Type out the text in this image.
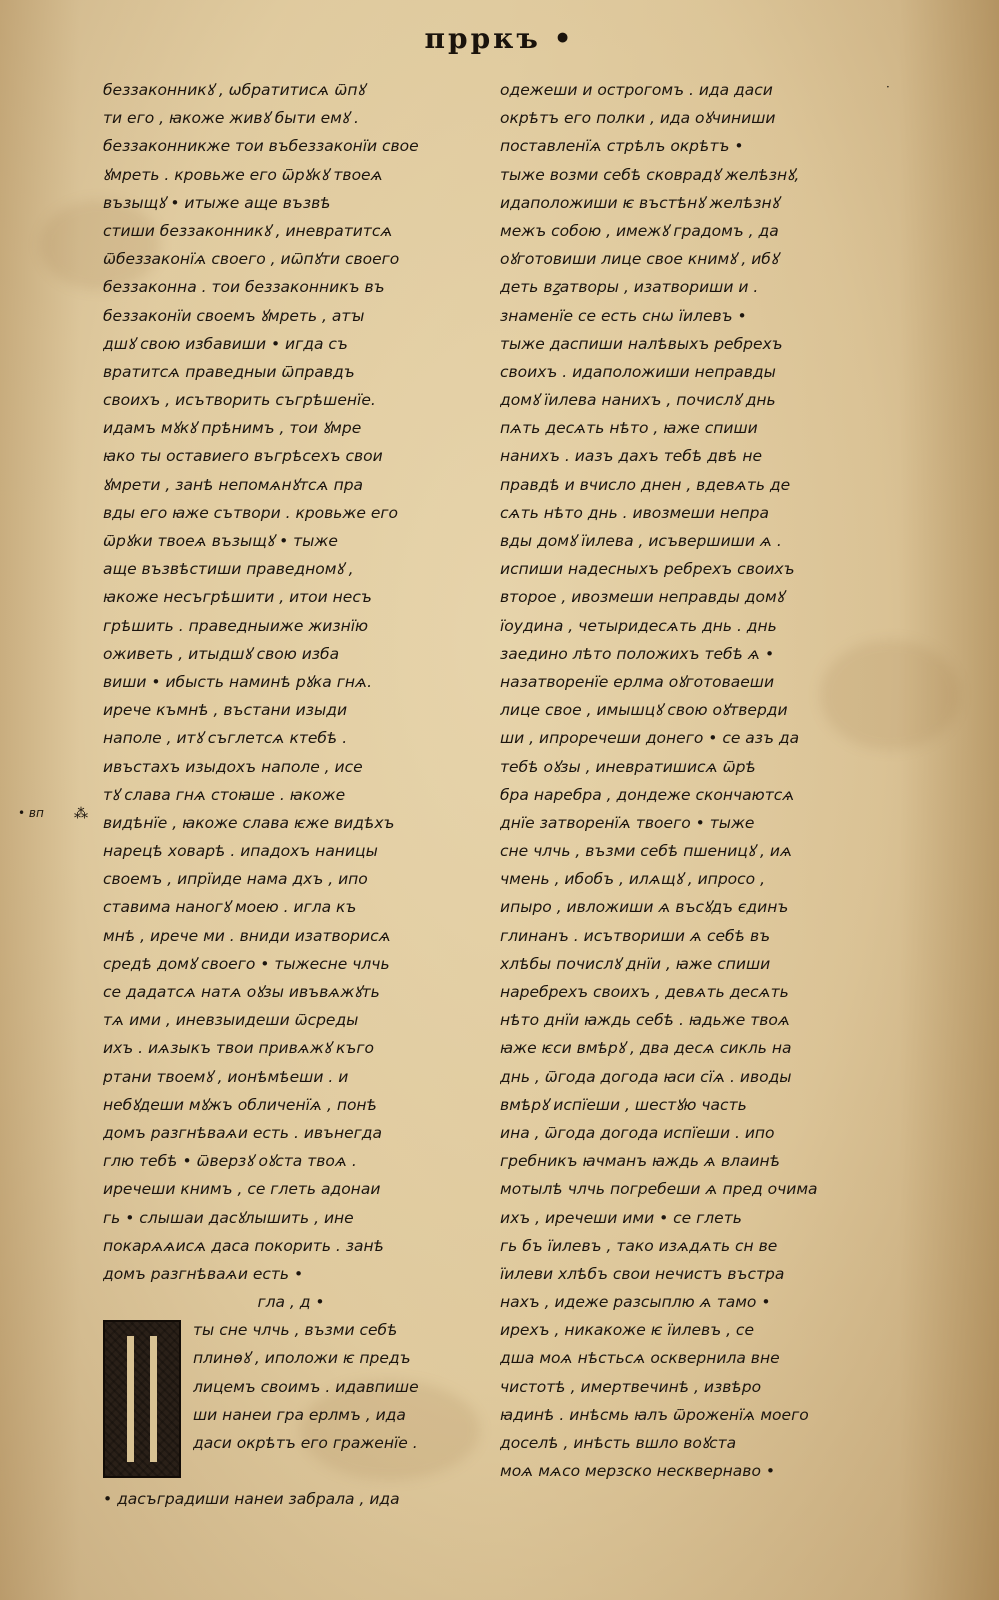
прркъ •
• вп ⁂
·
беззаконникꙋ , ѡбратитисѧ ѿпꙋ
ти его , ꙗкоже живꙋ быти емꙋ .
беззаконникже тои въбеззаконїи свое
ꙋмреть . кровьже его ѿрꙋкꙋ твоеѧ
възыщꙋ • итыже аще възвѣ
стиши беззаконникꙋ , иневратитсѧ
ѿбеззаконїѧ своего , иѿпꙋти своего
беззаконна . тои беззаконникъ въ
беззаконїи своемъ ꙋмреть , атꙑ
дшꙋ свою избавиши • игда съ
вратитсѧ праведныи ѿправдъ
своихъ , исътворить съгрѣшенїе.
идамъ мꙋкꙋ прѣнимъ , тои ꙋмре
ꙗко ты оставиего въгрѣсехъ свои
ꙋмрети , занѣ непомѧнꙋтсѧ пра
вды его ꙗже сътвори . кровьже его
ѿрꙋки твоеѧ възыщꙋ • тыже
аще възвѣстиши праведномꙋ ,
ꙗкоже несъгрѣшити , итои несъ
грѣшить . праведныиже жизнїю
оживеть , итыдшꙋ свою изба
виши • ибысть наминѣ рꙋка гнѧ.
ирече къмнѣ , въстани изыди
наполе , итꙋ съглетсѧ ктебѣ .
ивъстахъ изыдохъ наполе , исе
тꙋ слава гнѧ стоꙗше . ꙗкоже
видѣнїе , ꙗкоже слава ѥже видѣхъ
нарецѣ ховарѣ . ипадохъ наницы
своемъ , ипрїиде нама дхъ , ипо
ставима наногꙋ моею . игла къ
мнѣ , ирече ми . вниди изатворисѧ
средѣ домꙋ своего • тыжесне члчь
се дадатсѧ натѧ оꙋзы ивъвѧжꙋть
тѧ ими , иневзыидеши ѿсреды
ихъ . иѧзыкъ твои привѧжꙋ къго
ртани твоемꙋ , ионѣмѣеши . и
небꙋдеши мꙋжъ обличенїѧ , понѣ
домъ разгнѣваѧи есть . ивънегда
глю тебѣ • ѿверзꙋ оꙋста твоѧ .
иречеши книмъ , се глеть адонаи
гь • слышаи дасꙋлышить , ине
покарѧѧисѧ даса покорить . занѣ
домъ разгнѣваѧи есть •
гла , д •
ты сне члчь , възми себѣ
плинѳꙋ , иположи ѥ предъ
лицемъ своимъ . идавпише
ши нанеи гра ерлмъ , ида
даси окрѣтъ его граженїе .
• дасъградиши нанеи забрала , ида
одежеши и острогомъ . ида даси
окрѣтъ его полки , ида оꙋчиниши
поставленїѧ стрѣлъ окрѣтъ •
тыже возми себѣ сковрадꙋ желѣзнꙋ,
идаположиши ѥ въстѣнꙋ желѣзнꙋ
межъ собою , имежꙋ градомъ , да
оꙋготовиши лице свое книмꙋ , ибꙋ
деть вꙁатворы , изатвориши и .
знаменїе се есть снѡ їилевъ •
тыже даспиши налѣвыхъ ребрехъ
своихъ . идаположиши неправды
домꙋ їилева нанихъ , почислꙋ днь
пѧть десѧть нѣто , ꙗже спиши
нанихъ . иазъ дахъ тебѣ двѣ не
правдѣ и вчисло днен , вдевѧть де
сѧть нѣто днь . ивозмеши непра
вды домꙋ їилева , исъвершиши ѧ .
испиши надесныхъ ребрехъ своихъ
второе , ивозмеши неправды домꙋ
їоудина , четыридесѧть днь . днь
заедино лѣто положихъ тебѣ ѧ •
назатворенїе ерлма оꙋготоваеши
лице свое , имышцꙋ свою оꙋтверди
ши , ипроречеши донего • се азъ да
тебѣ оꙋзы , иневратишисѧ ѿрѣ
бра наребра , дондеже скончаютсѧ
днїе затворенїѧ твоего • тыже
сне члчь , възми себѣ пшеницꙋ , иѧ
чмень , ибобъ , илѧщꙋ , ипросо ,
ипыро , ивложиши ѧ въсꙋдъ єдинъ
глинанъ . исътвориши ѧ себѣ въ
хлѣбы почислꙋ днїи , ꙗже спиши
наребрехъ своихъ , девѧть десѧть
нѣто днїи ꙗждь себѣ . ꙗдьже твоѧ
ꙗже ѥси вмѣрꙋ , два десѧ сикль на
днь , ѿгода догода ꙗси сїѧ . иводы
вмѣрꙋ испїеши , шестꙋю часть
ина , ѿгода догода испїеши . ипо
гребникъ ꙗчманъ ꙗждь ѧ влаинѣ
мотылѣ члчь погребеши ѧ пред очима
ихъ , иречеши ими • се глеть
гь бъ їилевъ , тако изѧдѧть сн ве
їилеви хлѣбъ свои нечистъ въстра
нахъ , идеже разсыплю ѧ тамо •
ирехъ , никакоже ѥ їилевъ , се
дша моѧ нѣстьсѧ осквернила вне
чистотѣ , имертвечинѣ , извѣро
ꙗдинѣ . инѣсмь ꙗлъ ѿроженїѧ моего
доселѣ , инѣсть вшло воꙋста
моѧ мѧсо мерзско несквернаво •
